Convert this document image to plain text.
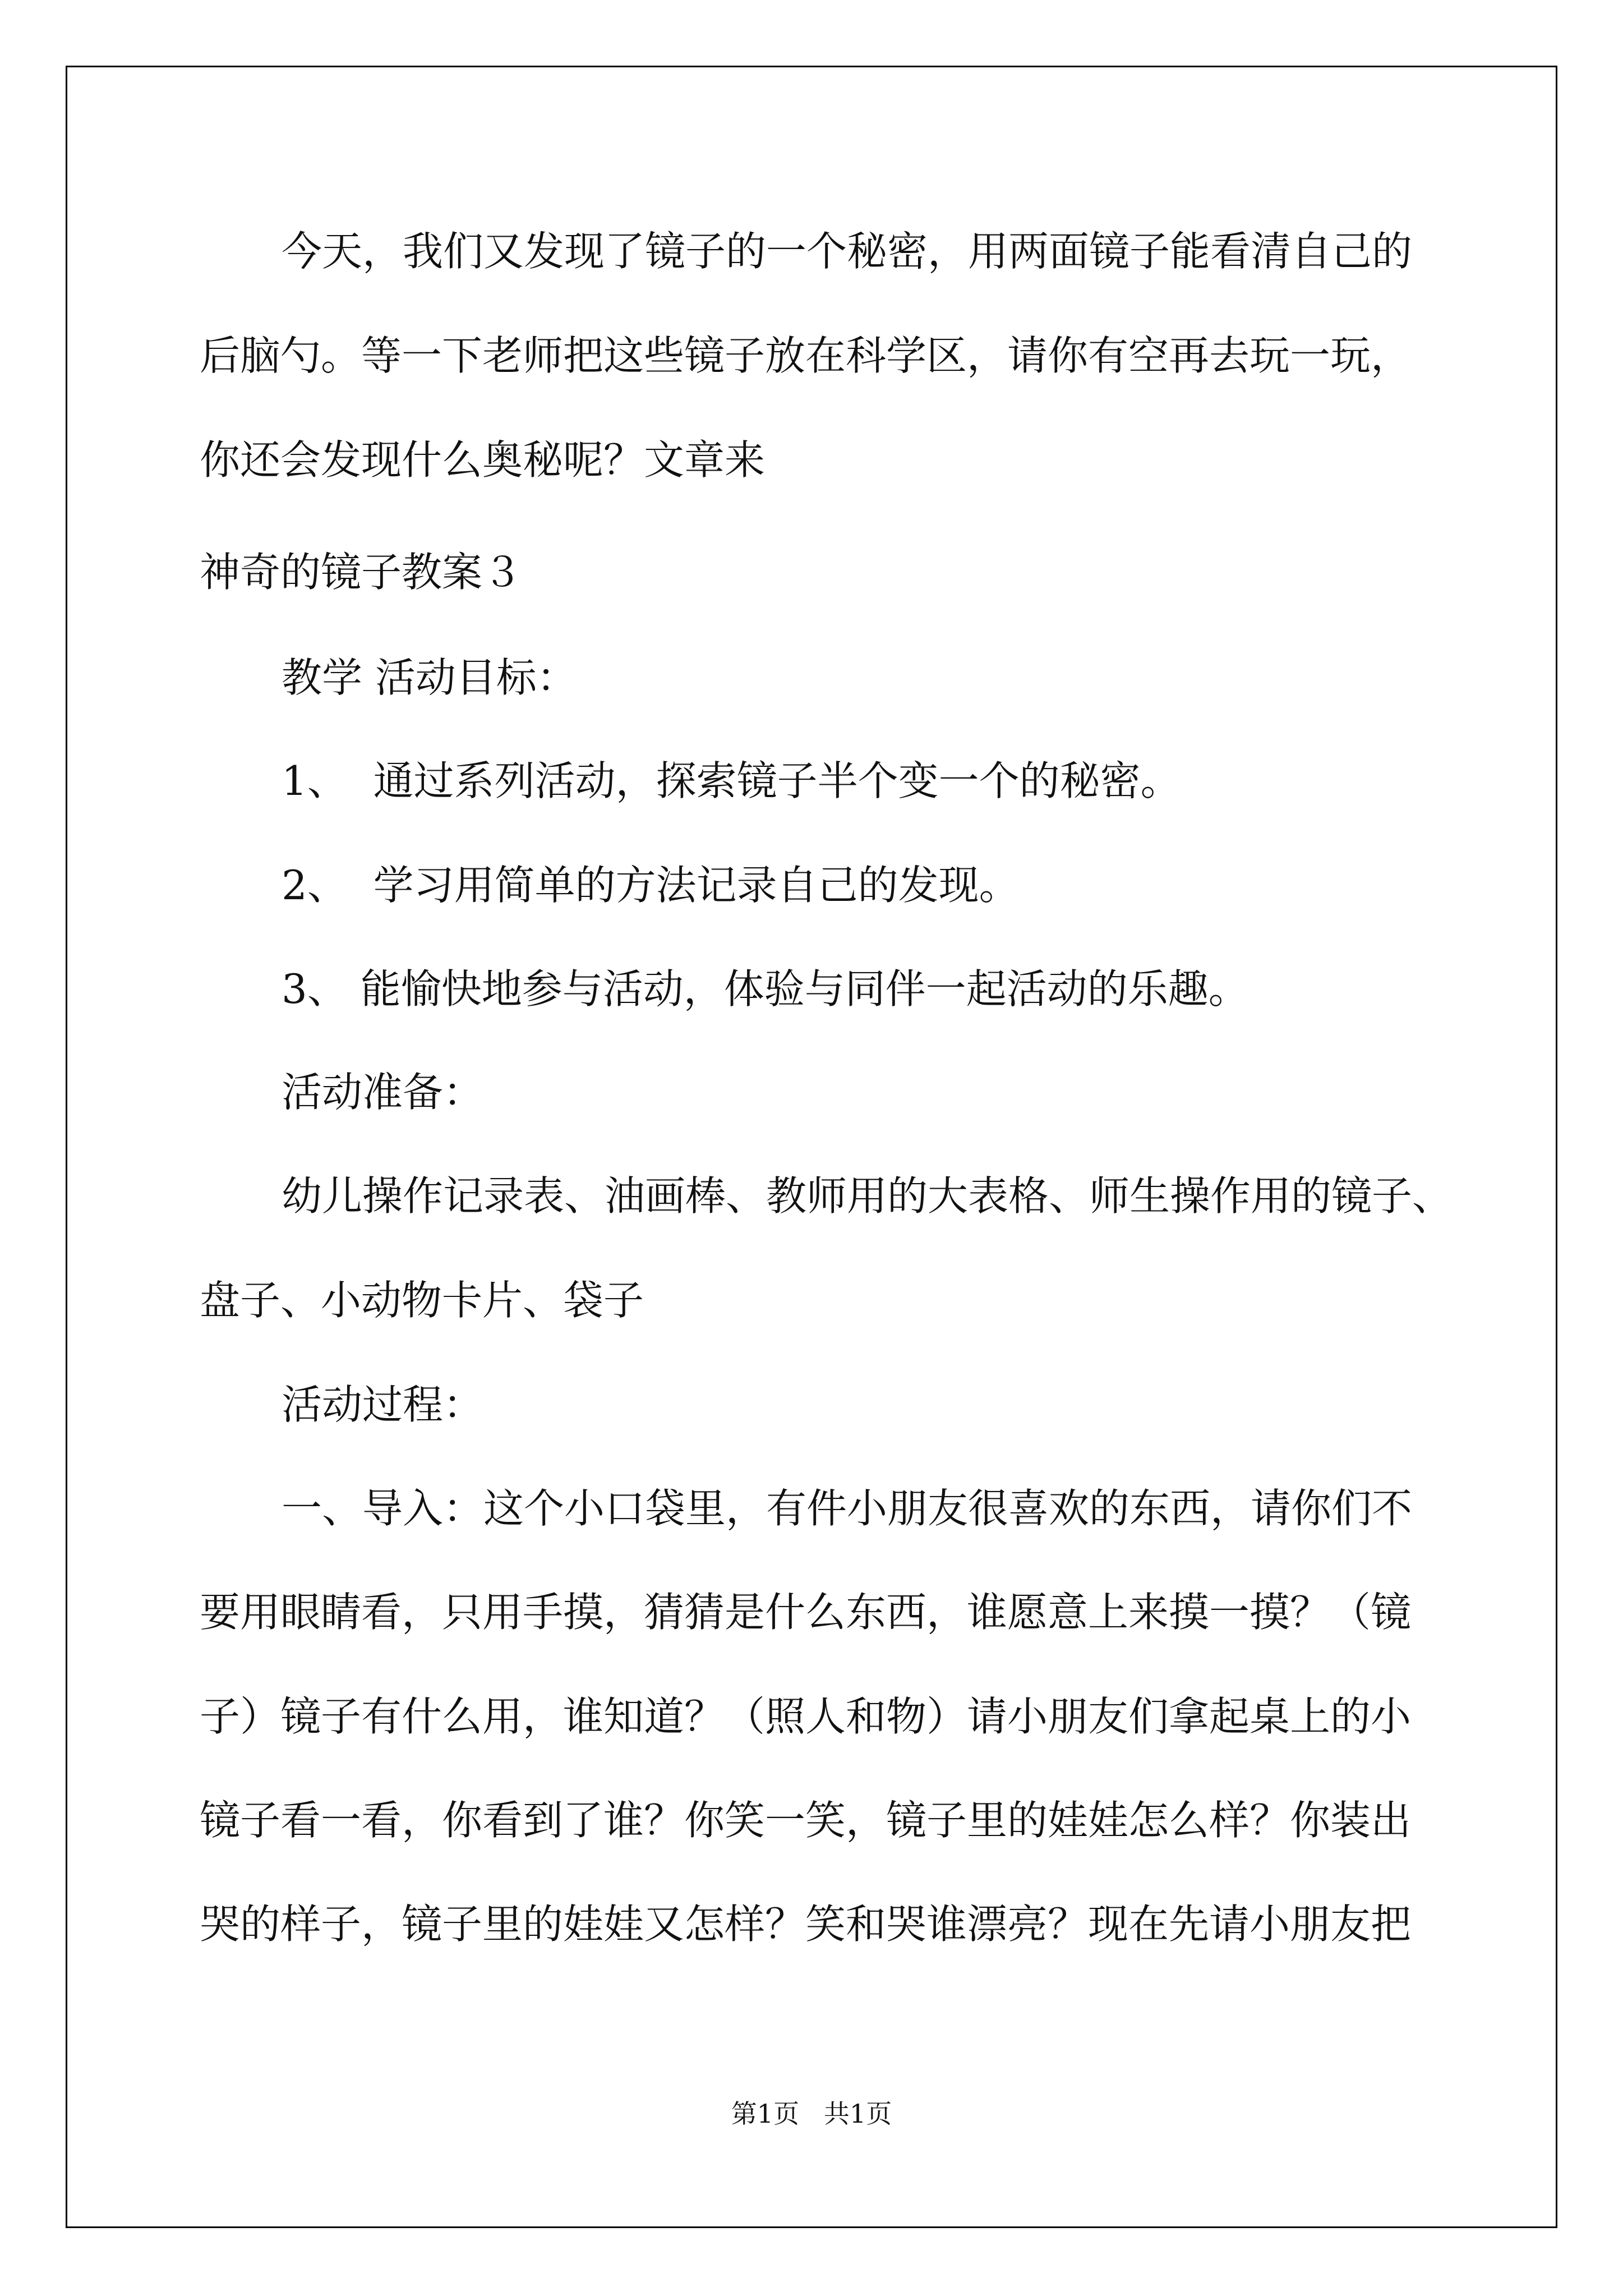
今天，我们又发现了镜子的一个秘密，用两面镜子能看清自己的
后脑勺。等一下老师把这些镜子放在科学区，请你有空再去玩一玩，
你还会发现什么奥秘呢？文章来
神奇的镜子教案３
教学 活动目标：
1、  通过系列活动，探索镜子半个变一个的秘密。
2、  学习用简单的方法记录自己的发现。
3、 能愉快地参与活动，体验与同伴一起活动的乐趣。
活动准备：
幼儿操作记录表、油画棒、教师用的大表格、师生操作用的镜子、
盘子、小动物卡片、袋子
活动过程：
一、导入：这个小口袋里，有件小朋友很喜欢的东西，请你们不
要用眼睛看，只用手摸，猜猜是什么东西，谁愿意上来摸一摸？（镜
子）镜子有什么用，谁知道？（照人和物）请小朋友们拿起桌上的小
镜子看一看，你看到了谁？你笑一笑，镜子里的娃娃怎么样？你装出
哭的样子，镜子里的娃娃又怎样？笑和哭谁漂亮？现在先请小朋友把
第1页   共1页
